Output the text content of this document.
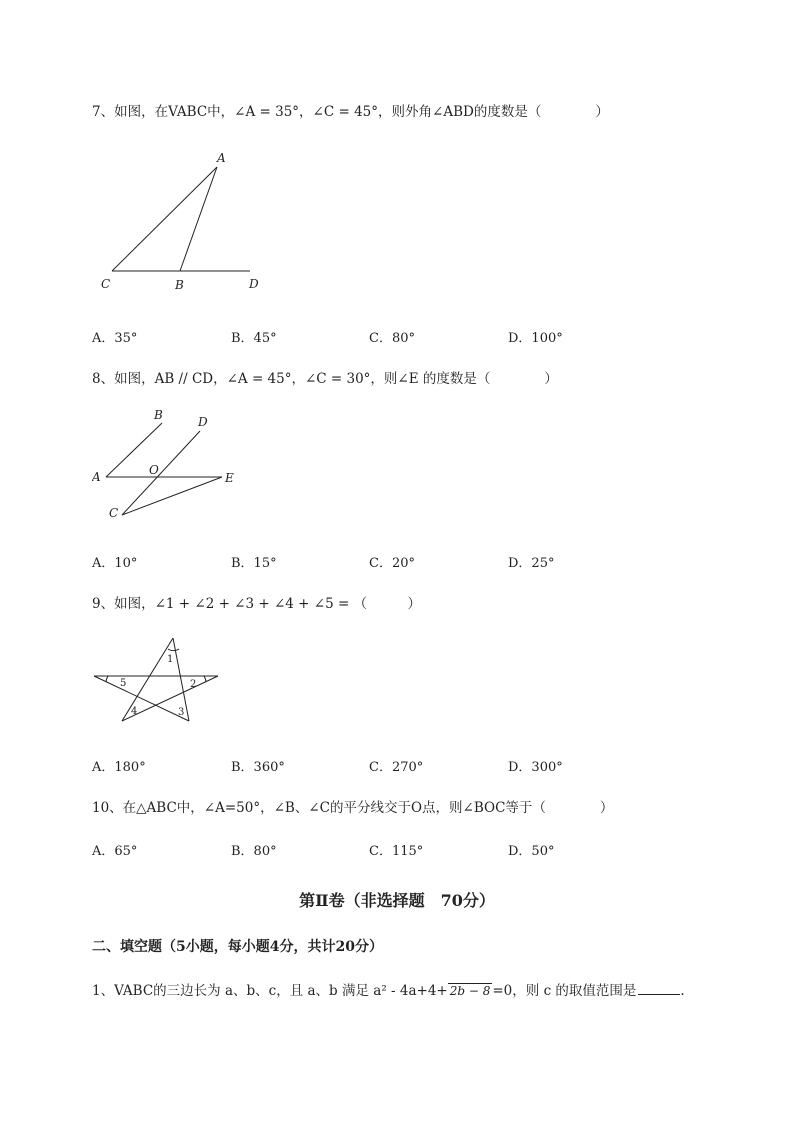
7、如图，在VABC中，∠A = 35°，∠C = 45°，则外角∠ABD的度数是（　　　　）
A
C	B	D
A．35°	B．45°	C．80°	D．100°
8、如图，AB // CD，∠A = 45°，∠C = 30°，则∠E 的度数是（　　　　）
B	D
A	O
E
C
A．10°	B．15°	C．20°	D．25°
9、如图，∠1 + ∠2 + ∠3 + ∠4 + ∠5 = （　　　）
1
2
3
4
5
A．180°	B．360°	C．270°	D．300°
10、在△ABC中，∠A=50°，∠B、∠C的平分线交于O点，则∠BOC等于（　　　　）
A．65°	B．80°	C．115°	D．50°
第Ⅱ卷（非选择题　70分）
二、填空题（5小题，每小题4分，共计20分）
1、VABC的三边长为 a、b、c，且 a、b 满足 a² - 4a+4+ 2b − 8 =0，则 c 的取值范围是	.
